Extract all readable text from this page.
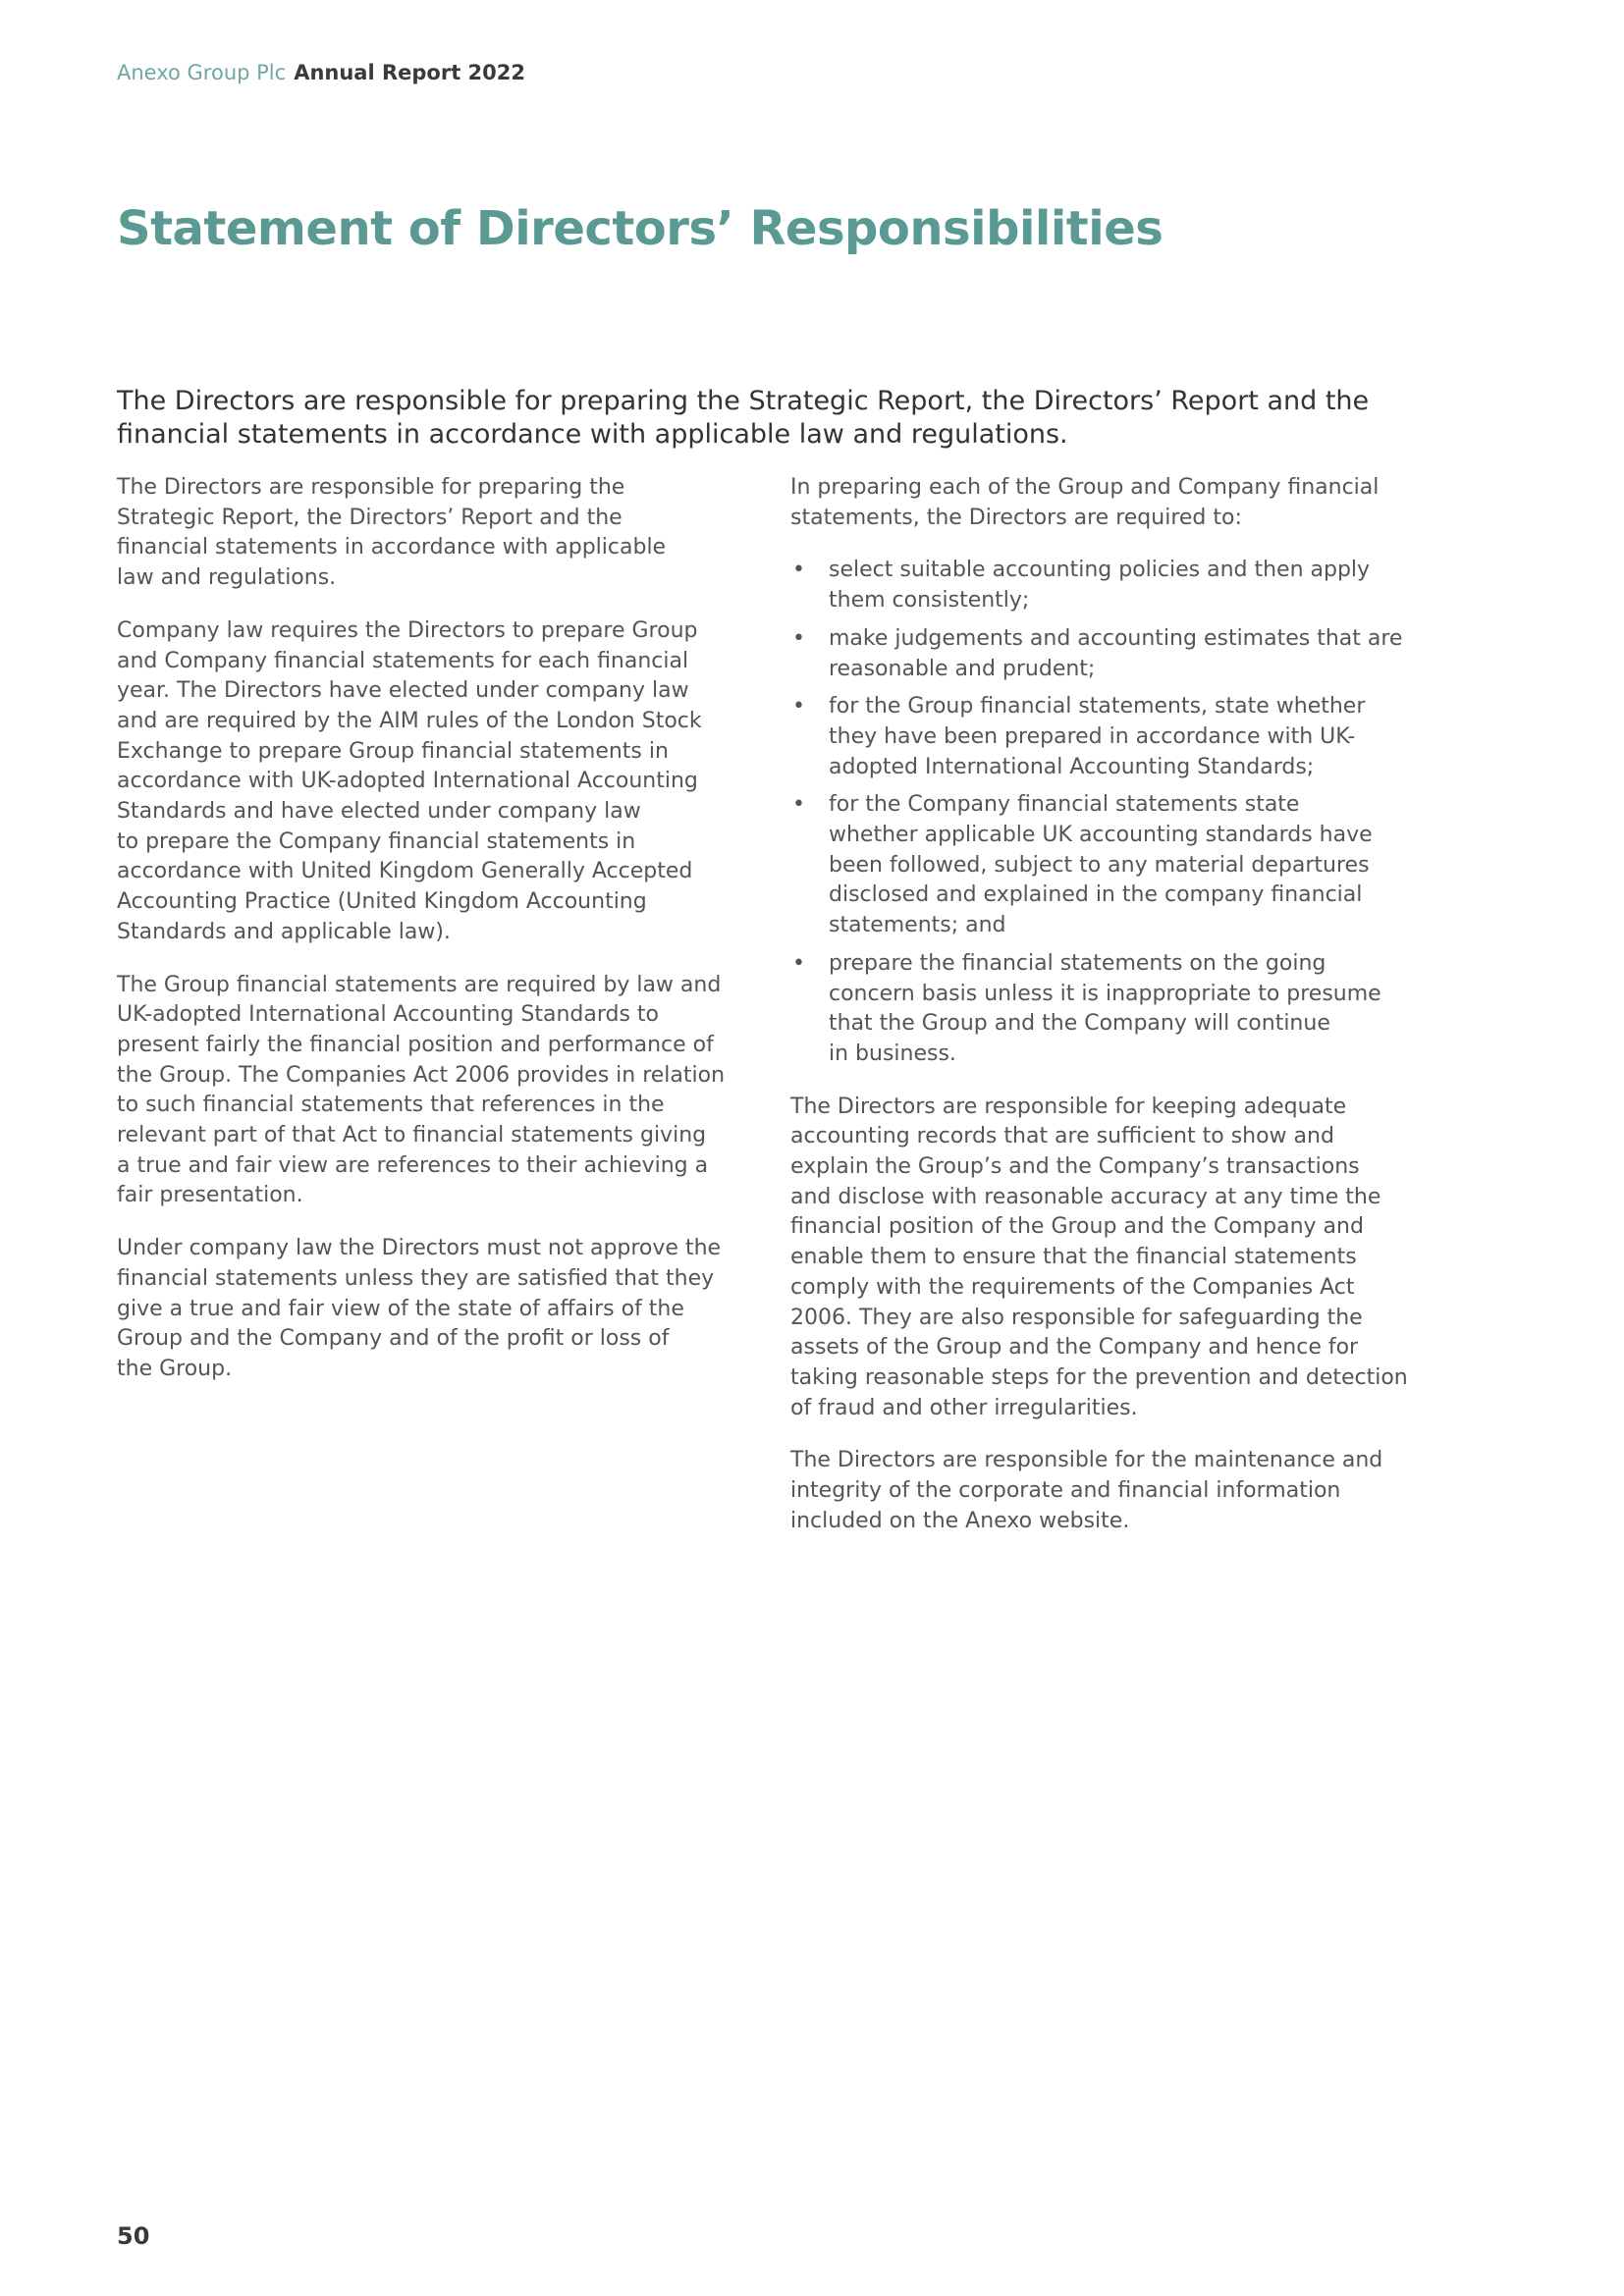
Anexo Group Plc Annual Report 2022
Statement of Directors’ Responsibilities

The Directors are responsible for preparing the Strategic Report, the Directors’ Report and the
financial statements in accordance with applicable law and regulations.

The Directors are responsible for preparing the
Strategic Report, the Directors’ Report and the
financial statements in accordance with applicable
law and regulations.

Company law requires the Directors to prepare Group
and Company financial statements for each financial
year. The Directors have elected under company law
and are required by the AIM rules of the London Stock
Exchange to prepare Group financial statements in
accordance with UK-adopted International Accounting
Standards and have elected under company law
to prepare the Company financial statements in
accordance with United Kingdom Generally Accepted
Accounting Practice (United Kingdom Accounting
Standards and applicable law).

The Group financial statements are required by law and
UK-adopted International Accounting Standards to
present fairly the financial position and performance of
the Group. The Companies Act 2006 provides in relation
to such financial statements that references in the
relevant part of that Act to financial statements giving
a true and fair view are references to their achieving a
fair presentation.

Under company law the Directors must not approve the
financial statements unless they are satisfied that they
give a true and fair view of the state of affairs of the
Group and the Company and of the profit or loss of
the Group.

In preparing each of the Group and Company financial
statements, the Directors are required to:

• select suitable accounting policies and then apply
them consistently;
• make judgements and accounting estimates that are
reasonable and prudent;
• for the Group financial statements, state whether
they have been prepared in accordance with UK-
adopted International Accounting Standards;
• for the Company financial statements state
whether applicable UK accounting standards have
been followed, subject to any material departures
disclosed and explained in the company financial
statements; and
• prepare the financial statements on the going
concern basis unless it is inappropriate to presume
that the Group and the Company will continue
in business.

The Directors are responsible for keeping adequate
accounting records that are sufficient to show and
explain the Group’s and the Company’s transactions
and disclose with reasonable accuracy at any time the
financial position of the Group and the Company and
enable them to ensure that the financial statements
comply with the requirements of the Companies Act
2006. They are also responsible for safeguarding the
assets of the Group and the Company and hence for
taking reasonable steps for the prevention and detection
of fraud and other irregularities.

The Directors are responsible for the maintenance and
integrity of the corporate and financial information
included on the Anexo website.

50
